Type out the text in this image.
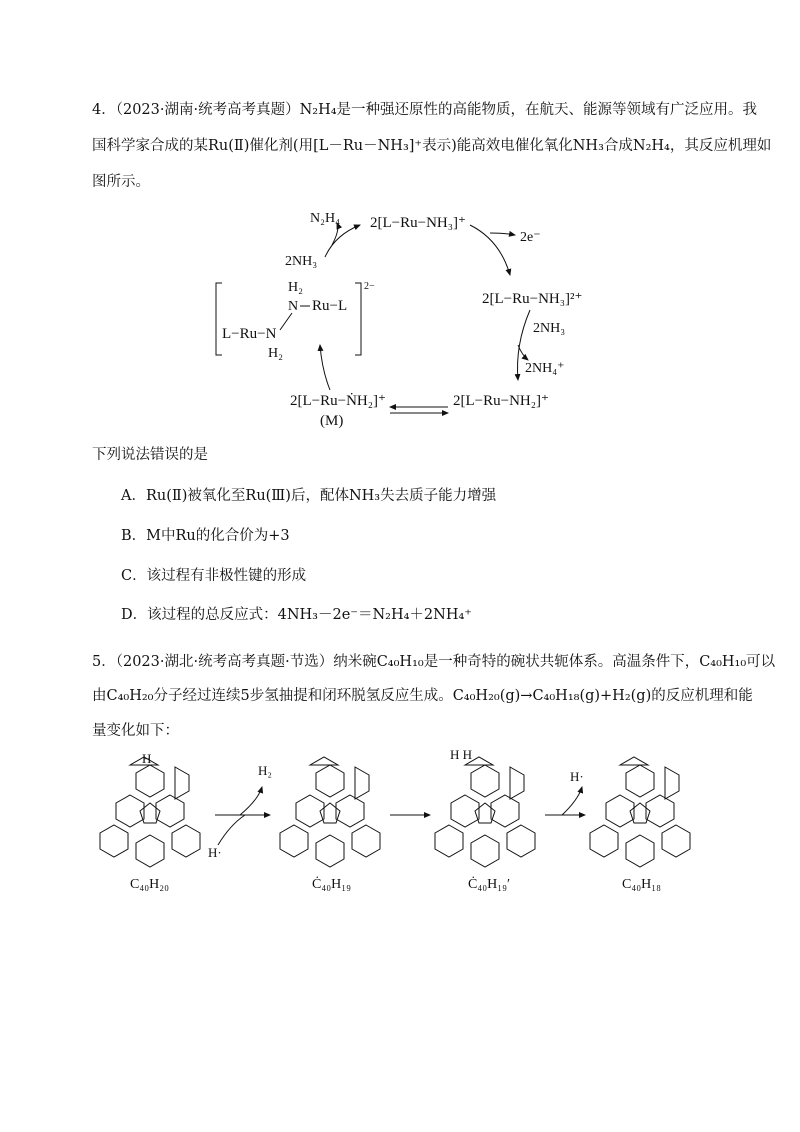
4．（2023·湖南·统考高考真题）N₂H₄是一种强还原性的高能物质，在航天、能源等领域有广泛应用。我
国科学家合成的某Ru(Ⅱ)催化剂(用[L－Ru－NH₃]⁺表示)能高效电催化氧化NH₃合成N₂H₄，其反应机理如
图所示。
2[L−Ru−NH₃]⁺
N₂H₄
2NH₃
2e⁻
2[L−Ru−NH₃]²⁺
2NH₃
2NH₄⁺
2[L−Ru−NH₂]⁺
2[L−Ru−ṄH₂]⁺
(M)
2−
H₂
N Ru−L
L−Ru−N
H₂
下列说法错误的是
A．Ru(Ⅱ)被氧化至Ru(Ⅲ)后，配体NH₃失去质子能力增强
B．M中Ru的化合价为+3
C．该过程有非极性键的形成
D．该过程的总反应式：4NH₃－2e⁻＝N₂H₄＋2NH₄⁺
5．（2023·湖北·统考高考真题·节选）纳米碗C₄₀H₁₀是一种奇特的碗状共轭体系。高温条件下，C₄₀H₁₀可以
由C₄₀H₂₀分子经过连续5步氢抽提和闭环脱氢反应生成。C₄₀H₂₀(g)→C₄₀H₁₈(g)+H₂(g)的反应机理和能
量变化如下：
H	H H
C₄₀H₂₀	Ċ₄₀H₁₉	Ċ₄₀H₁₉′	C₄₀H₁₈
H·
H₂	H·
